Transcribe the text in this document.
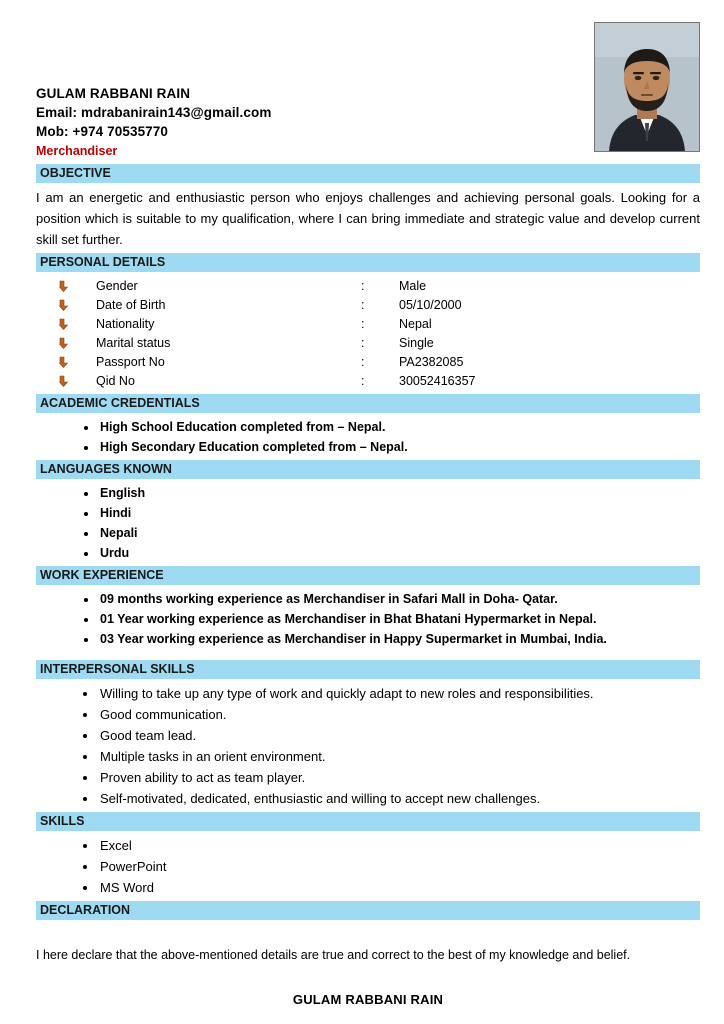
GULAM RABBANI RAIN
Email: mdrabanirain143@gmail.com
Mob: +974 70535770
Merchandiser
OBJECTIVE

I am an energetic and enthusiastic person who enjoys challenges and achieving personal goals. Looking for a position which is suitable to my qualification, where I can bring immediate and strategic value and develop current skill set further.

PERSONAL DETAILS
	Gender	:	Male
	Date of Birth	:	05/10/2000
	Nationality	:	Nepal
	Marital status	:	Single
	Passport No	:	PA2382085
	Qid No	:	30052416357
ACADEMIC CREDENTIALS
• High School Education completed from – Nepal.
• High Secondary Education completed from – Nepal.
LANGUAGES KNOWN
• English
• Hindi
• Nepali
• Urdu
WORK EXPERIENCE
• 09 months working experience as Merchandiser in Safari Mall in Doha- Qatar.
• 01 Year working experience as Merchandiser in Bhat Bhatani Hypermarket in Nepal.
• 03 Year working experience as Merchandiser in Happy Supermarket in Mumbai, India.
INTERPERSONAL SKILLS
• Willing to take up any type of work and quickly adapt to new roles and responsibilities.
• Good communication.
• Good team lead.
• Multiple tasks in an orient environment.
• Proven ability to act as team player.
• Self-motivated, dedicated, enthusiastic and willing to accept new challenges.
SKILLS
• Excel
• PowerPoint
• MS Word
DECLARATION

I here declare that the above-mentioned details are true and correct to the best of my knowledge and belief.

GULAM RABBANI RAIN
